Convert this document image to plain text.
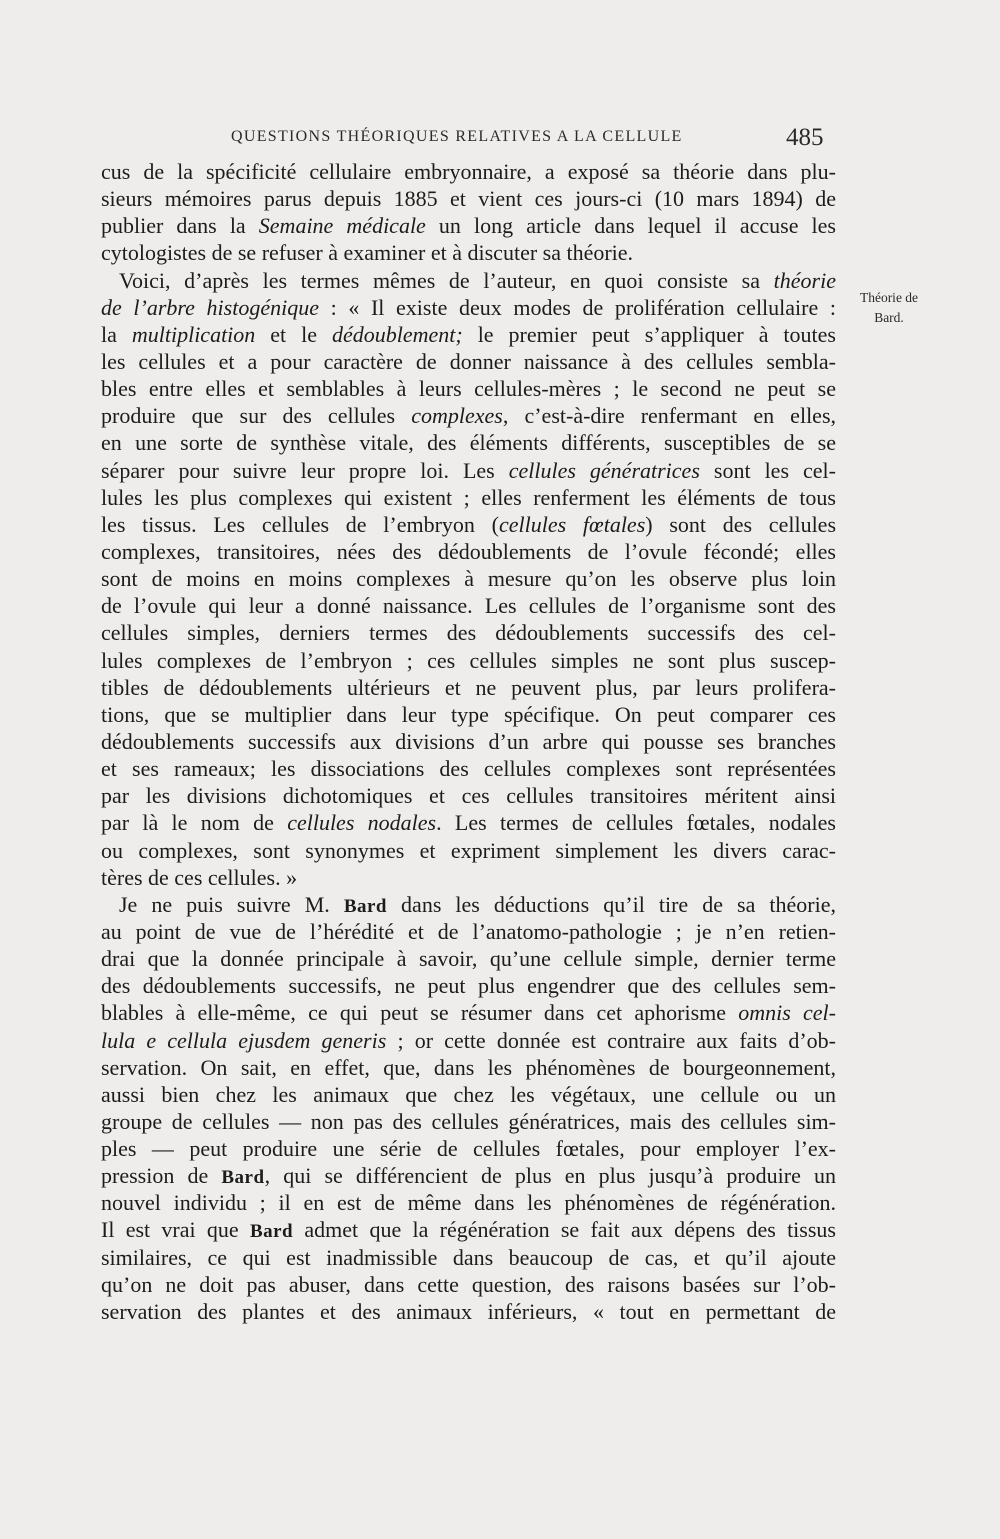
QUESTIONS THÉORIQUES RELATIVES A LA CELLULE	485
cus de la spécificité cellulaire embryonnaire, a exposé sa théorie dans plu-
sieurs mémoires parus depuis 1885 et vient ces jours-ci (10 mars 1894) de
publier dans la Semaine médicale un long article dans lequel il accuse les
cytologistes de se refuser à examiner et à discuter sa théorie.
Voici, d’après les termes mêmes de l’auteur, en quoi consiste sa théorie
de l’arbre histogénique : « Il existe deux modes de prolifération cellulaire :
la multiplication et le dédoublement; le premier peut s’appliquer à toutes
les cellules et a pour caractère de donner naissance à des cellules sembla-
bles entre elles et semblables à leurs cellules-mères ; le second ne peut se
produire que sur des cellules complexes, c’est-à-dire renfermant en elles,
en une sorte de synthèse vitale, des éléments différents, susceptibles de se
séparer pour suivre leur propre loi. Les cellules génératrices sont les cel-
lules les plus complexes qui existent ; elles renferment les éléments de tous
les tissus. Les cellules de l’embryon (cellules fœtales) sont des cellules
complexes, transitoires, nées des dédoublements de l’ovule fécondé; elles
sont de moins en moins complexes à mesure qu’on les observe plus loin
de l’ovule qui leur a donné naissance. Les cellules de l’organisme sont des
cellules simples, derniers termes des dédoublements successifs des cel-
lules complexes de l’embryon ; ces cellules simples ne sont plus suscep-
tibles de dédoublements ultérieurs et ne peuvent plus, par leurs prolifera-
tions, que se multiplier dans leur type spécifique. On peut comparer ces
dédoublements successifs aux divisions d’un arbre qui pousse ses branches
et ses rameaux; les dissociations des cellules complexes sont représentées
par les divisions dichotomiques et ces cellules transitoires méritent ainsi
par là le nom de cellules nodales. Les termes de cellules fœtales, nodales
ou complexes, sont synonymes et expriment simplement les divers carac-
tères de ces cellules. »
Je ne puis suivre M. Bard dans les déductions qu’il tire de sa théorie,
au point de vue de l’hérédité et de l’anatomo-pathologie ; je n’en retien-
drai que la donnée principale à savoir, qu’une cellule simple, dernier terme
des dédoublements successifs, ne peut plus engendrer que des cellules sem-
blables à elle-même, ce qui peut se résumer dans cet aphorisme omnis cel-
lula e cellula ejusdem generis ; or cette donnée est contraire aux faits d’ob-
servation. On sait, en effet, que, dans les phénomènes de bourgeonnement,
aussi bien chez les animaux que chez les végétaux, une cellule ou un
groupe de cellules — non pas des cellules génératrices, mais des cellules sim-
ples — peut produire une série de cellules fœtales, pour employer l’ex-
pression de Bard, qui se différencient de plus en plus jusqu’à produire un
nouvel individu ; il en est de même dans les phénomènes de régénération.
Il est vrai que Bard admet que la régénération se fait aux dépens des tissus
similaires, ce qui est inadmissible dans beaucoup de cas, et qu’il ajoute
qu’on ne doit pas abuser, dans cette question, des raisons basées sur l’ob-
servation des plantes et des animaux inférieurs, « tout en permettant de
Théorie de
Bard.
